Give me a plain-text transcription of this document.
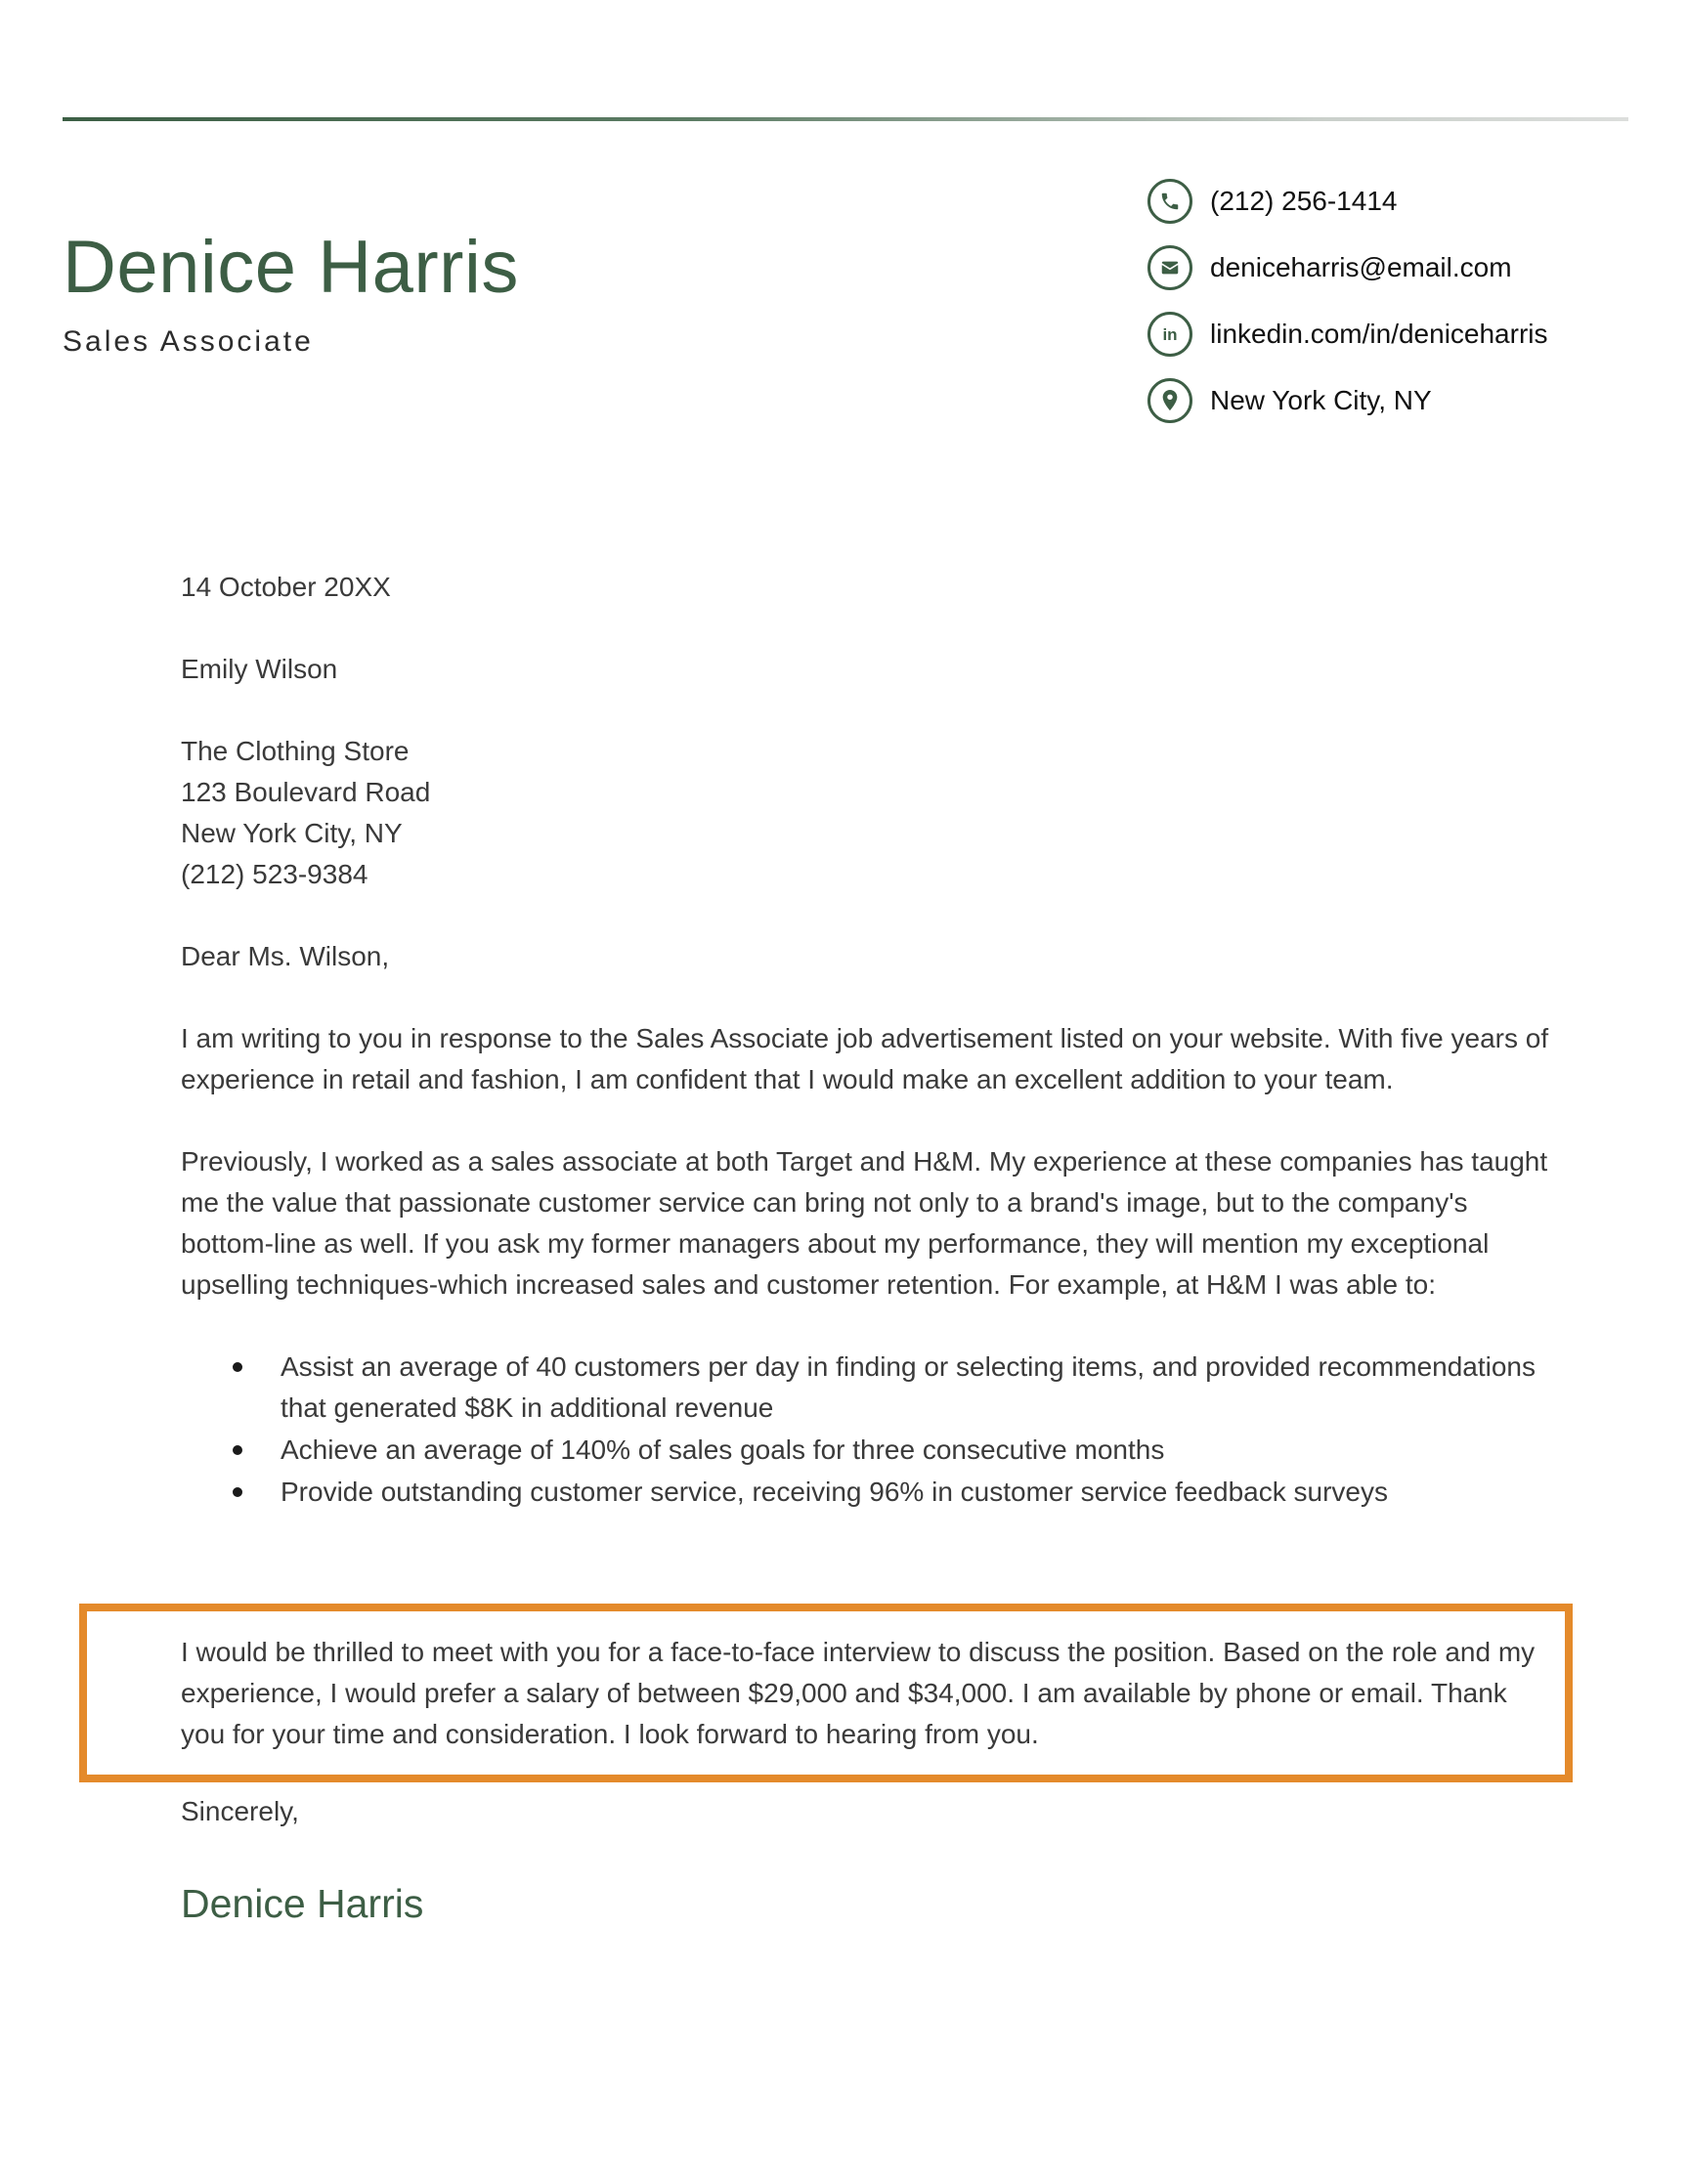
Denice Harris
Sales Associate
(212) 256-1414
deniceharris@email.com
in linkedin.com/in/deniceharris
New York City, NY

14 October 20XX

Emily Wilson

The Clothing Store

123 Boulevard Road

New York City, NY

(212) 523-9384

Dear Ms. Wilson,

I am writing to you in response to the Sales Associate job advertisement listed on your website. With five years of experience in retail and fashion, I am confident that I would make an excellent addition to your team.

Previously, I worked as a sales associate at both Target and H&M. My experience at these companies has taught me the value that passionate customer service can bring not only to a brand's image, but to the company's bottom-line as well. If you ask my former managers about my performance, they will mention my exceptional upselling techniques-which increased sales and customer retention. For example, at H&M I was able to:

Assist an average of 40 customers per day in finding or selecting items, and provided recommendations that generated $8K in additional revenue
Achieve an average of 140% of sales goals for three consecutive months
Provide outstanding customer service, receiving 96% in customer service feedback surveys

I would be thrilled to meet with you for a face-to-face interview to discuss the position. Based on the role and my experience, I would prefer a salary of between $29,000 and $34,000. I am available by phone or email. Thank you for your time and consideration. I look forward to hearing from you.

Sincerely,
Denice Harris
